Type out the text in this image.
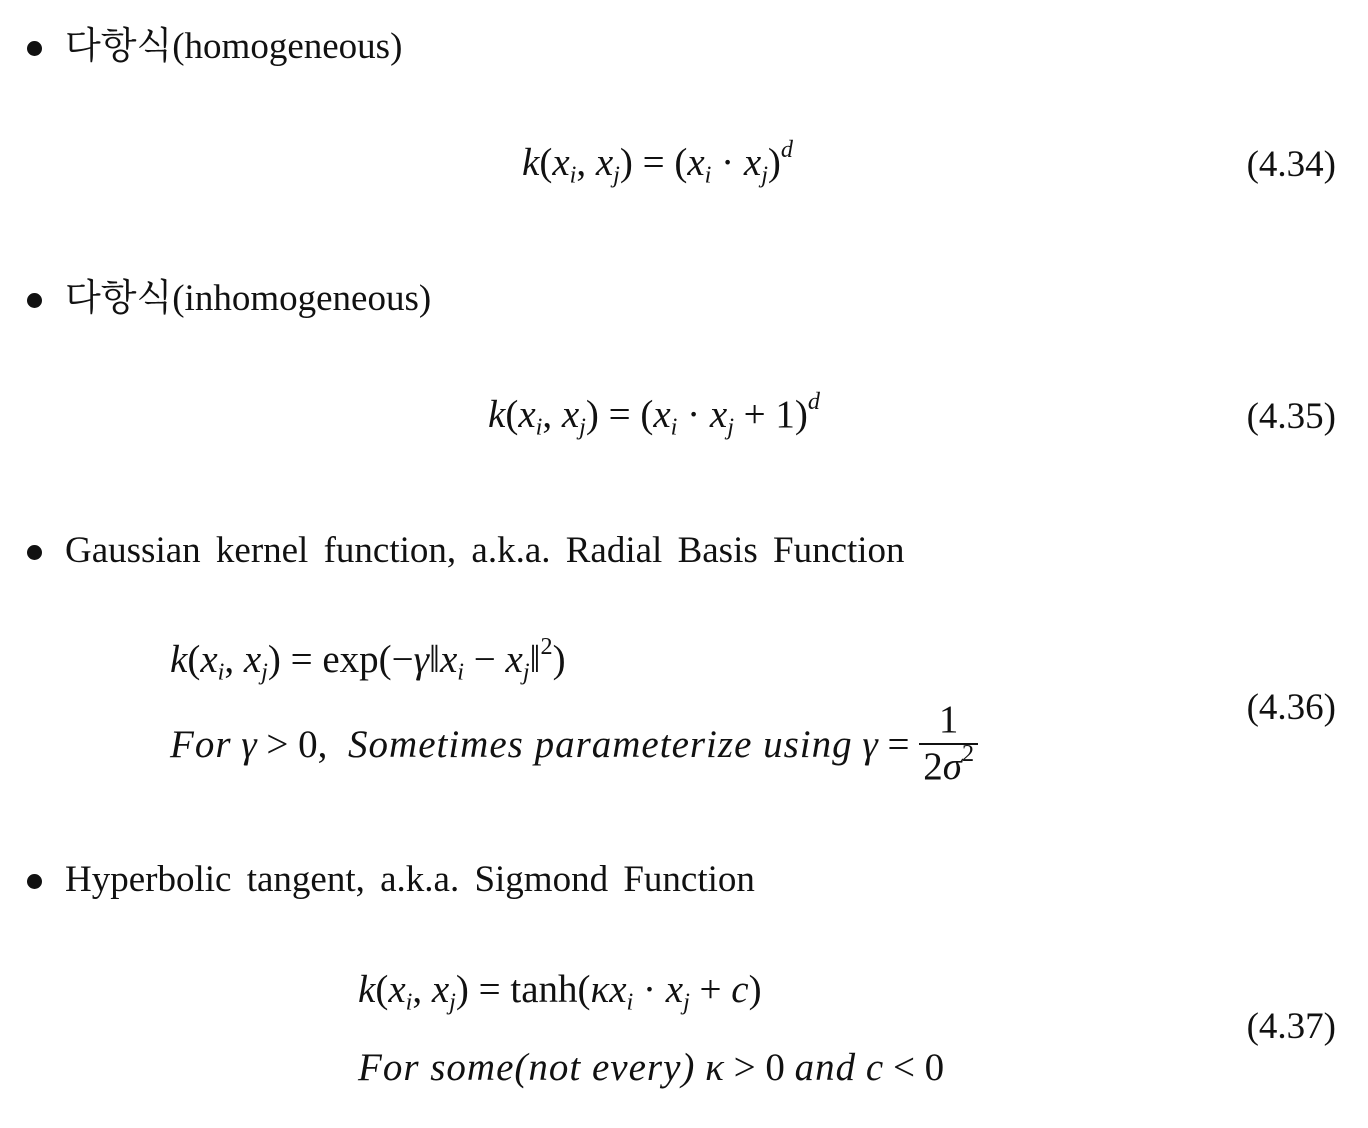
다항식(homogeneous)
$k(x_i$, $x_j) = (x_i \cdot x_j)^d$	(4.34)
다항식(inhomogeneous)
$k(x_i$, $x_j) = (x_i \cdot x_j + 1)^d$	(4.35)
Gaussian kernel function, a.k.a. Radial Basis Function
$k(x_i$, $x_j$) = $\exp(-\gamma‖x_i$ − $x_j‖^2$)
For γ > 0, Sometimes parameterize using $\gamma = \frac{1}{2\sigma^2}$	(4.36)
Hyperbolic tangent, a.k.a. Sigmond Function
$k(x_i$, $x_j) = \tanh(\kappa x_i \cdot x_j + c)$
For some(not every) κ > 0 and c < 0
(4.37)
